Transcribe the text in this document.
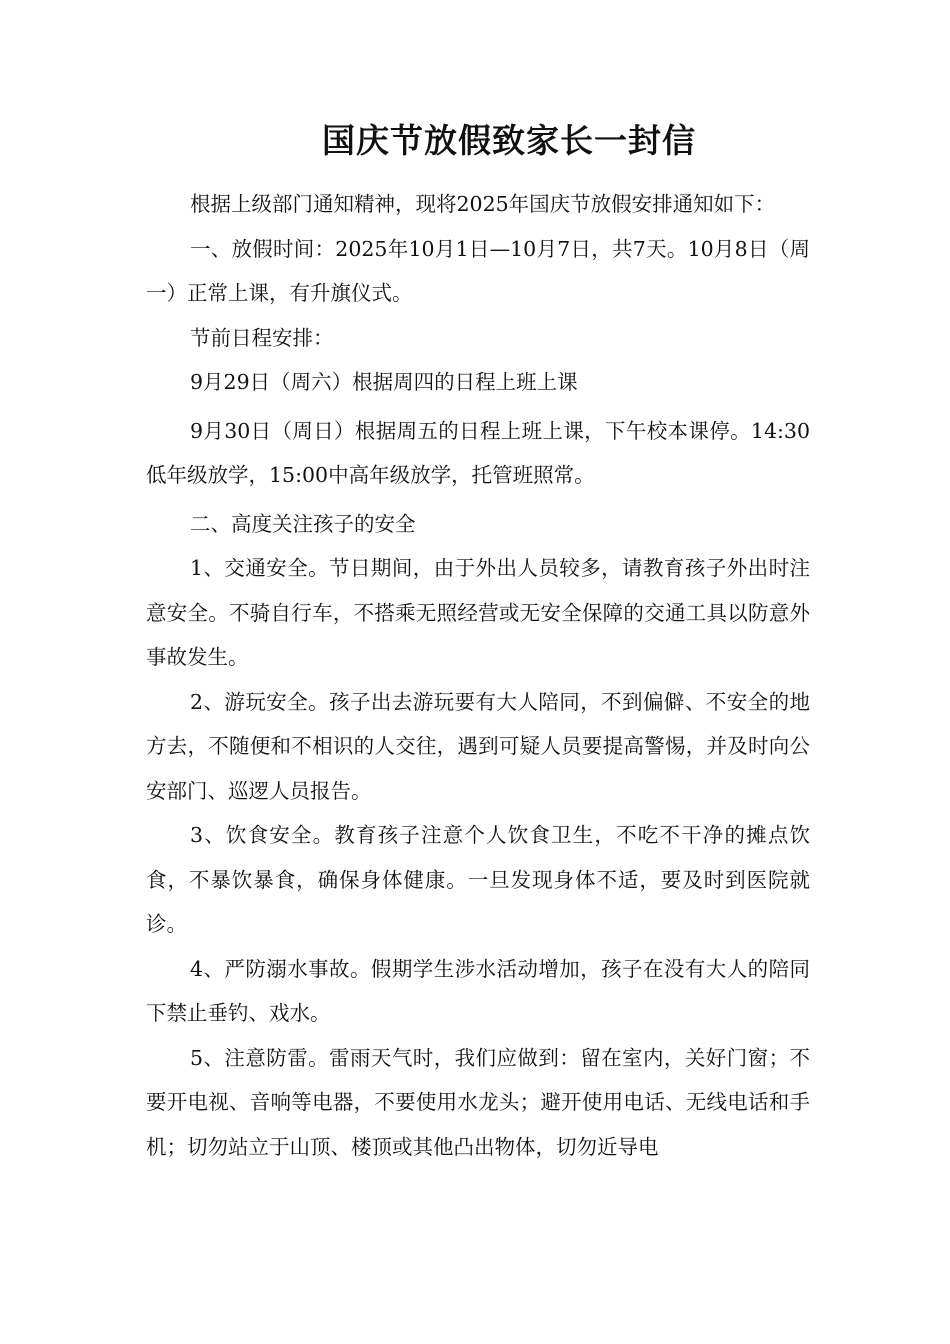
国庆节放假致家长一封信

根据上级部门通知精神，现将2025年国庆节放假安排通知如下：

一、放假时间：2025年10月1日—10月7日，共7天。10月8日（周一）正常上课，有升旗仪式。

节前日程安排：

9月29日（周六）根据周四的日程上班上课

9月30日（周日）根据周五的日程上班上课，下午校本课停。14:30低年级放学，15:00中高年级放学，托管班照常。

二、高度关注孩子的安全

1、交通安全。节日期间，由于外出人员较多，请教育孩子外出时注意安全。不骑自行车，不搭乘无照经营或无安全保障的交通工具以防意外事故发生。

2、游玩安全。孩子出去游玩要有大人陪同，不到偏僻、不安全的地方去，不随便和不相识的人交往，遇到可疑人员要提高警惕，并及时向公安部门、巡逻人员报告。

3、饮食安全。教育孩子注意个人饮食卫生，不吃不干净的摊点饮食，不暴饮暴食，确保身体健康。一旦发现身体不适，要及时到医院就诊。

4、严防溺水事故。假期学生涉水活动增加，孩子在没有大人的陪同下禁止垂钓、戏水。

5、注意防雷。雷雨天气时，我们应做到：留在室内，关好门窗；不要开电视、音响等电器，不要使用水龙头；避开使用电话、无线电话和手机；切勿站立于山顶、楼顶或其他凸出物体，切勿近导电
